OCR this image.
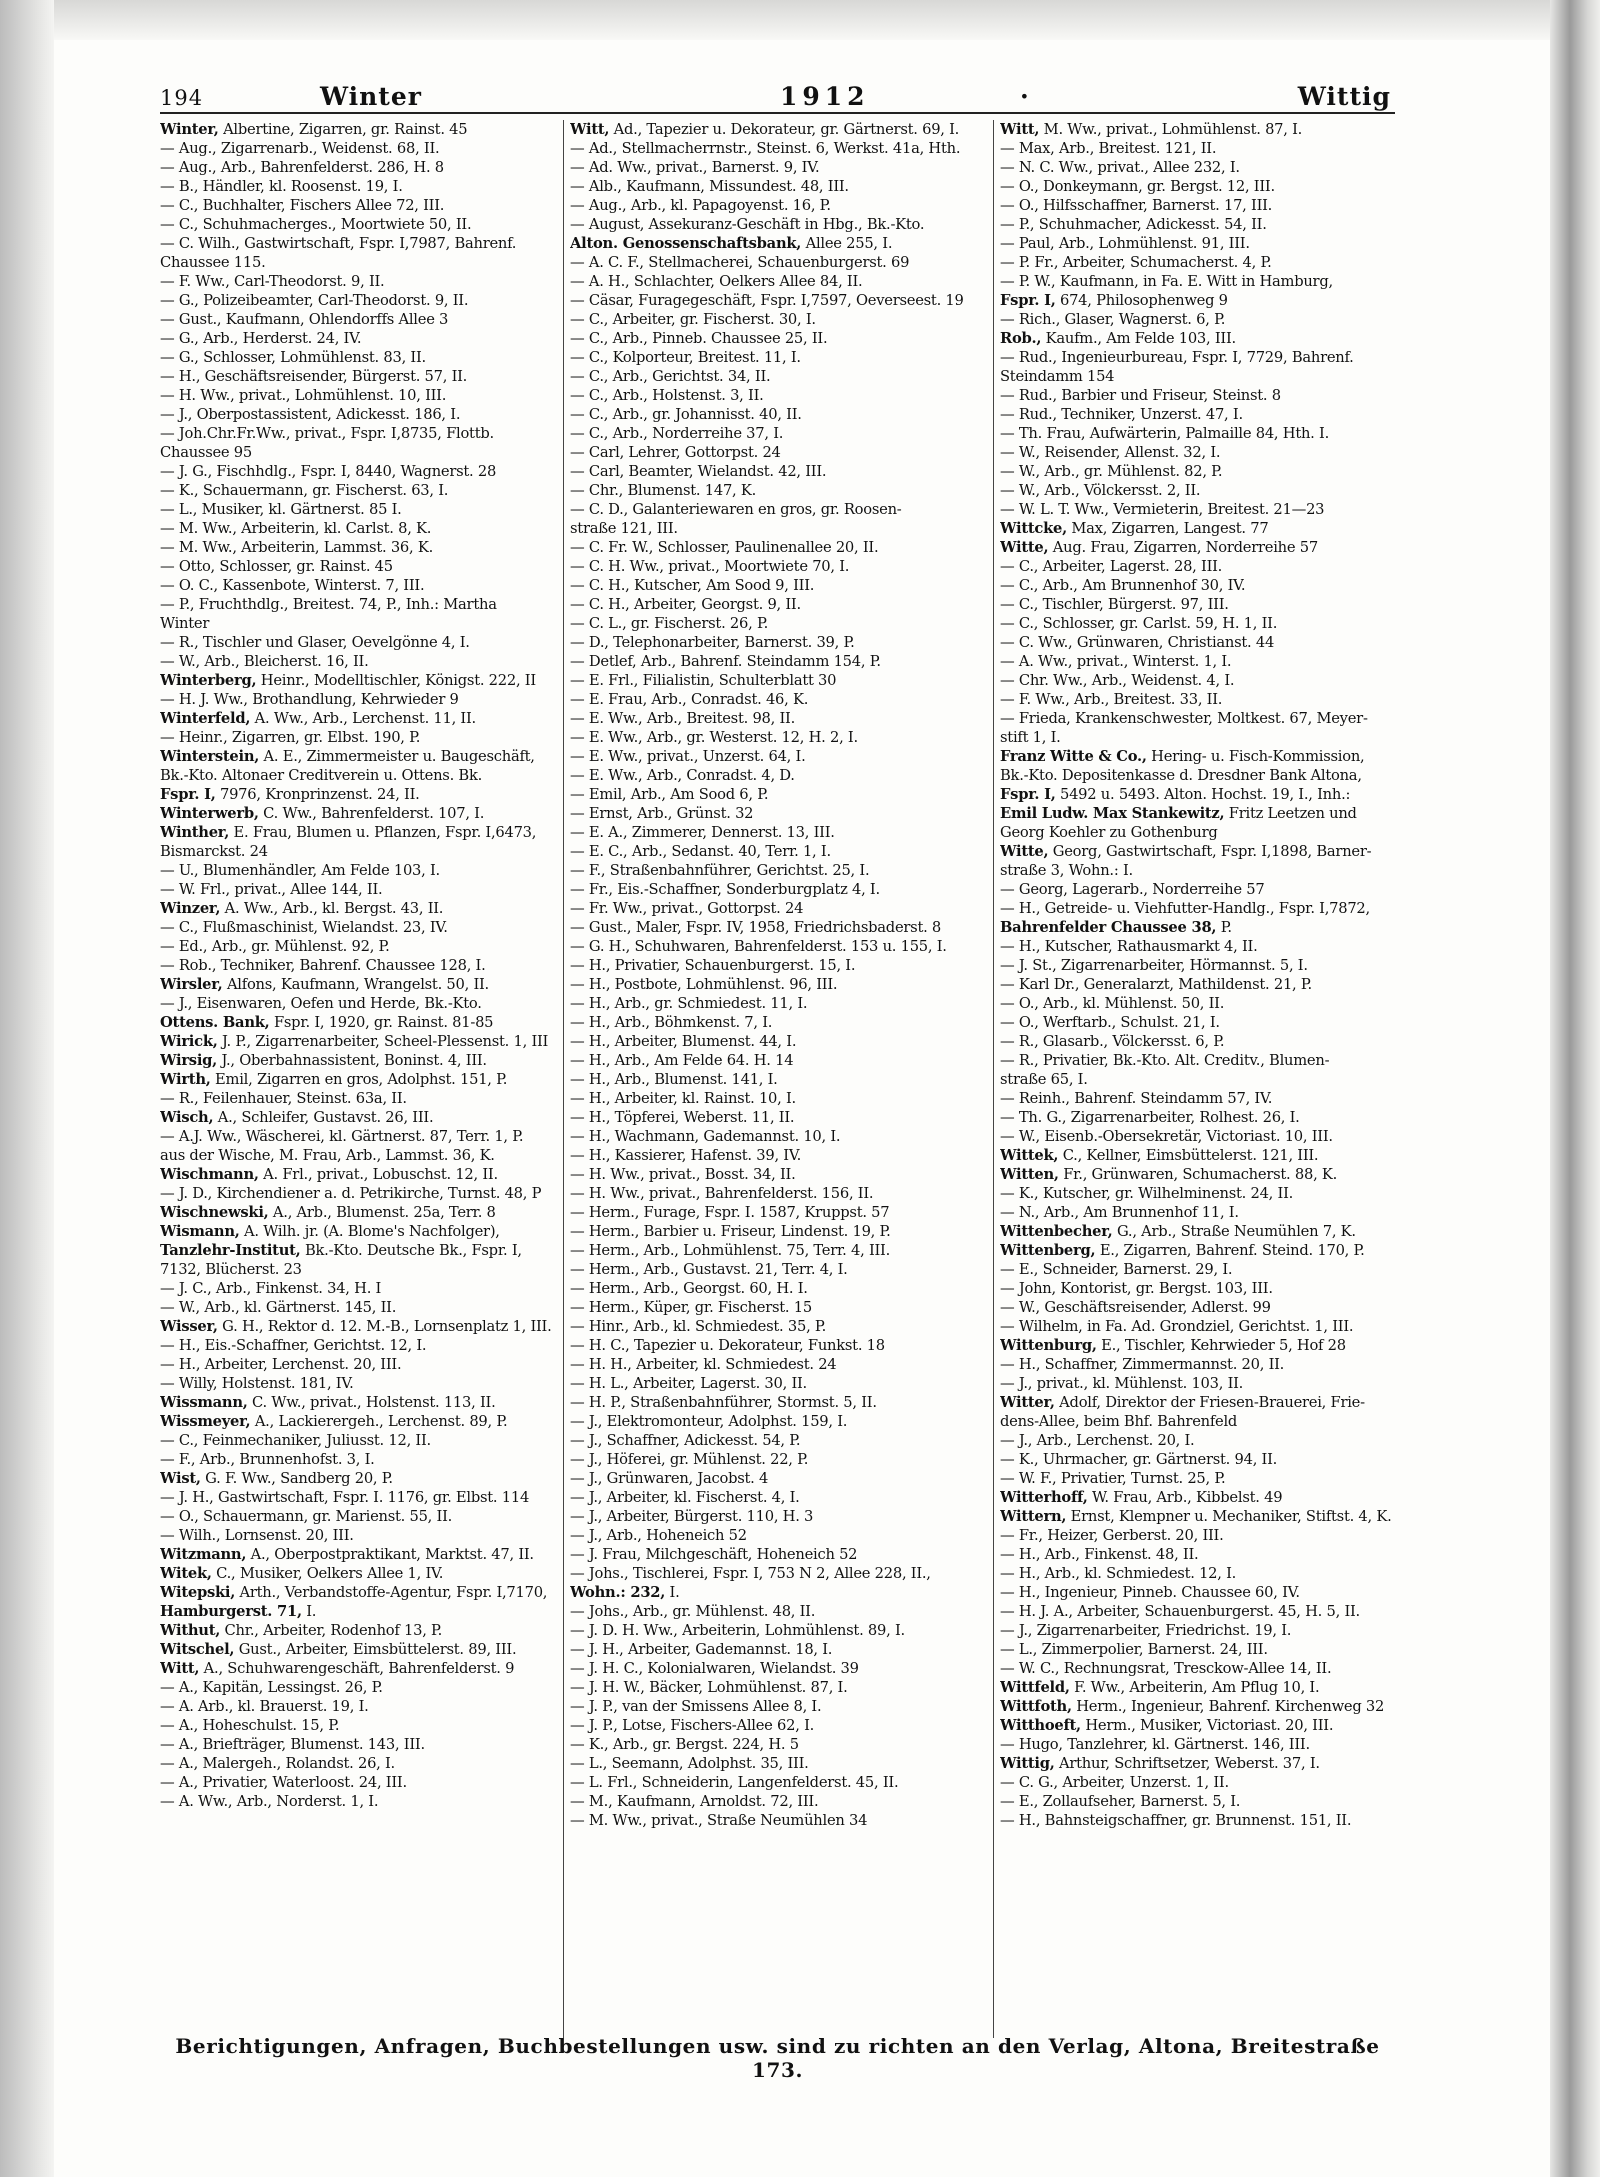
194	Winter	1912	·	Wittig

Winter, Albertine, Zigarren, gr. Rainst. 45

— Aug., Zigarrenarb., Weidenst. 68, II.

— Aug., Arb., Bahrenfelderst. 286, H. 8

— B., Händler, kl. Roosenst. 19, I.

— C., Buchhalter, Fischers Allee 72, III.

— C., Schuhmacherges., Moortwiete 50, II.

— C. Wilh., Gastwirtschaft, Fspr. I,7987, Bahrenf.

Chaussee 115.

— F. Ww., Carl-Theodorst. 9, II.

— G., Polizeibeamter, Carl-Theodorst. 9, II.

— Gust., Kaufmann, Ohlendorffs Allee 3

— G., Arb., Herderst. 24, IV.

— G., Schlosser, Lohmühlenst. 83, II.

— H., Geschäftsreisender, Bürgerst. 57, II.

— H. Ww., privat., Lohmühlenst. 10, III.

— J., Oberpostassistent, Adickesst. 186, I.

— Joh.Chr.Fr.Ww., privat., Fspr. I,8735, Flottb.

Chaussee 95

— J. G., Fischhdlg., Fspr. I, 8440, Wagnerst. 28

— K., Schauermann, gr. Fischerst. 63, I.

— L., Musiker, kl. Gärtnerst. 85 I.

— M. Ww., Arbeiterin, kl. Carlst. 8, K.

— M. Ww., Arbeiterin, Lammst. 36, K.

— Otto, Schlosser, gr. Rainst. 45

— O. C., Kassenbote, Winterst. 7, III.

— P., Fruchthdlg., Breitest. 74, P., Inh.: Martha

Winter

— R., Tischler und Glaser, Oevelgönne 4, I.

— W., Arb., Bleicherst. 16, II.

Winterberg, Heinr., Modelltischler, Königst. 222, II

— H. J. Ww., Brothandlung, Kehrwieder 9

Winterfeld, A. Ww., Arb., Lerchenst. 11, II.

— Heinr., Zigarren, gr. Elbst. 190, P.

Winterstein, A. E., Zimmermeister u. Baugeschäft,

Bk.-Kto. Altonaer Creditverein u. Ottens. Bk.

Fspr. I, 7976, Kronprinzenst. 24, II.

Winterwerb, C. Ww., Bahrenfelderst. 107, I.

Winther, E. Frau, Blumen u. Pflanzen, Fspr. I,6473,

Bismarckst. 24

— U., Blumenhändler, Am Felde 103, I.

— W. Frl., privat., Allee 144, II.

Winzer, A. Ww., Arb., kl. Bergst. 43, II.

— C., Flußmaschinist, Wielandst. 23, IV.

— Ed., Arb., gr. Mühlenst. 92, P.

— Rob., Techniker, Bahrenf. Chaussee 128, I.

Wirsler, Alfons, Kaufmann, Wrangelst. 50, II.

— J., Eisenwaren, Oefen und Herde, Bk.-Kto.

Ottens. Bank, Fspr. I, 1920, gr. Rainst. 81-85

Wirick, J. P., Zigarrenarbeiter, Scheel-Plessenst. 1, III

Wirsig, J., Oberbahnassistent, Boninst. 4, III.

Wirth, Emil, Zigarren en gros, Adolphst. 151, P.

— R., Feilenhauer, Steinst. 63a, II.

Wisch, A., Schleifer, Gustavst. 26, III.

— A.J. Ww., Wäscherei, kl. Gärtnerst. 87, Terr. 1, P.

aus der Wische, M. Frau, Arb., Lammst. 36, K.

Wischmann, A. Frl., privat., Lobuschst. 12, II.

— J. D., Kirchendiener a. d. Petrikirche, Turnst. 48, P

Wischnewski, A., Arb., Blumenst. 25a, Terr. 8

Wismann, A. Wilh. jr. (A. Blome's Nachfolger),

Tanzlehr-Institut, Bk.-Kto. Deutsche Bk., Fspr. I,

7132, Blücherst. 23

— J. C., Arb., Finkenst. 34, H. I

— W., Arb., kl. Gärtnerst. 145, II.

Wisser, G. H., Rektor d. 12. M.-B., Lornsenplatz 1, III.

— H., Eis.-Schaffner, Gerichtst. 12, I.

— H., Arbeiter, Lerchenst. 20, III.

— Willy, Holstenst. 181, IV.

Wissmann, C. Ww., privat., Holstenst. 113, II.

Wissmeyer, A., Lackierergeh., Lerchenst. 89, P.

— C., Feinmechaniker, Juliusst. 12, II.

— F., Arb., Brunnenhofst. 3, I.

Wist, G. F. Ww., Sandberg 20, P.

— J. H., Gastwirtschaft, Fspr. I. 1176, gr. Elbst. 114

— O., Schauermann, gr. Marienst. 55, II.

— Wilh., Lornsenst. 20, III.

Witzmann, A., Oberpostpraktikant, Marktst. 47, II.

Witek, C., Musiker, Oelkers Allee 1, IV.

Witepski, Arth., Verbandstoffe-Agentur, Fspr. I,7170,

Hamburgerst. 71, I.

Withut, Chr., Arbeiter, Rodenhof 13, P.

Witschel, Gust., Arbeiter, Eimsbüttelerst. 89, III.

Witt, A., Schuhwarengeschäft, Bahrenfelderst. 9

— A., Kapitän, Lessingst. 26, P.

— A. Arb., kl. Brauerst. 19, I.

— A., Hoheschulst. 15, P.

— A., Briefträger, Blumenst. 143, III.

— A., Malergeh., Rolandst. 26, I.

— A., Privatier, Waterloost. 24, III.

— A. Ww., Arb., Norderst. 1, I.

Witt, Ad., Tapezier u. Dekorateur, gr. Gärtnerst. 69, I.

— Ad., Stellmacherrnstr., Steinst. 6, Werkst. 41a, Hth.

— Ad. Ww., privat., Barnerst. 9, IV.

— Alb., Kaufmann, Missundest. 48, III.

— Aug., Arb., kl. Papagoyenst. 16, P.

— August, Assekuranz-Geschäft in Hbg., Bk.-Kto.

Alton. Genossenschaftsbank, Allee 255, I.

— A. C. F., Stellmacherei, Schauenburgerst. 69

— A. H., Schlachter, Oelkers Allee 84, II.

— Cäsar, Furagegeschäft, Fspr. I,7597, Oeverseest. 19

— C., Arbeiter, gr. Fischerst. 30, I.

— C., Arb., Pinneb. Chaussee 25, II.

— C., Kolporteur, Breitest. 11, I.

— C., Arb., Gerichtst. 34, II.

— C., Arb., Holstenst. 3, II.

— C., Arb., gr. Johannisst. 40, II.

— C., Arb., Norderreihe 37, I.

— Carl, Lehrer, Gottorpst. 24

— Carl, Beamter, Wielandst. 42, III.

— Chr., Blumenst. 147, K.

— C. D., Galanteriewaren en gros, gr. Roosen-

straße 121, III.

— C. Fr. W., Schlosser, Paulinenallee 20, II.

— C. H. Ww., privat., Moortwiete 70, I.

— C. H., Kutscher, Am Sood 9, III.

— C. H., Arbeiter, Georgst. 9, II.

— C. L., gr. Fischerst. 26, P.

— D., Telephonarbeiter, Barnerst. 39, P.

— Detlef, Arb., Bahrenf. Steindamm 154, P.

— E. Frl., Filialistin, Schulterblatt 30

— E. Frau, Arb., Conradst. 46, K.

— E. Ww., Arb., Breitest. 98, II.

— E. Ww., Arb., gr. Westerst. 12, H. 2, I.

— E. Ww., privat., Unzerst. 64, I.

— E. Ww., Arb., Conradst. 4, D.

— Emil, Arb., Am Sood 6, P.

— Ernst, Arb., Grünst. 32

— E. A., Zimmerer, Dennerst. 13, III.

— E. C., Arb., Sedanst. 40, Terr. 1, I.

— F., Straßenbahnführer, Gerichtst. 25, I.

— Fr., Eis.-Schaffner, Sonderburgplatz 4, I.

— Fr. Ww., privat., Gottorpst. 24

— Gust., Maler, Fspr. IV, 1958, Friedrichsbaderst. 8

— G. H., Schuhwaren, Bahrenfelderst. 153 u. 155, I.

— H., Privatier, Schauenburgerst. 15, I.

— H., Postbote, Lohmühlenst. 96, III.

— H., Arb., gr. Schmiedest. 11, I.

— H., Arb., Böhmkenst. 7, I.

— H., Arbeiter, Blumenst. 44, I.

— H., Arb., Am Felde 64. H. 14

— H., Arb., Blumenst. 141, I.

— H., Arbeiter, kl. Rainst. 10, I.

— H., Töpferei, Weberst. 11, II.

— H., Wachmann, Gademannst. 10, I.

— H., Kassierer, Hafenst. 39, IV.

— H. Ww., privat., Bosst. 34, II.

— H. Ww., privat., Bahrenfelderst. 156, II.

— Herm., Furage, Fspr. I. 1587, Kruppst. 57

— Herm., Barbier u. Friseur, Lindenst. 19, P.

— Herm., Arb., Lohmühlenst. 75, Terr. 4, III.

— Herm., Arb., Gustavst. 21, Terr. 4, I.

— Herm., Arb., Georgst. 60, H. I.

— Herm., Küper, gr. Fischerst. 15

— Hinr., Arb., kl. Schmiedest. 35, P.

— H. C., Tapezier u. Dekorateur, Funkst. 18

— H. H., Arbeiter, kl. Schmiedest. 24

— H. L., Arbeiter, Lagerst. 30, II.

— H. P., Straßenbahnführer, Stormst. 5, II.

— J., Elektromonteur, Adolphst. 159, I.

— J., Schaffner, Adickesst. 54, P.

— J., Höferei, gr. Mühlenst. 22, P.

— J., Grünwaren, Jacobst. 4

— J., Arbeiter, kl. Fischerst. 4, I.

— J., Arbeiter, Bürgerst. 110, H. 3

— J., Arb., Hoheneich 52

— J. Frau, Milchgeschäft, Hoheneich 52

— Johs., Tischlerei, Fspr. I, 753 N 2, Allee 228, II.,

Wohn.: 232, I.

— Johs., Arb., gr. Mühlenst. 48, II.

— J. D. H. Ww., Arbeiterin, Lohmühlenst. 89, I.

— J. H., Arbeiter, Gademannst. 18, I.

— J. H. C., Kolonialwaren, Wielandst. 39

— J. H. W., Bäcker, Lohmühlenst. 87, I.

— J. P., van der Smissens Allee 8, I.

— J. P., Lotse, Fischers-Allee 62, I.

— K., Arb., gr. Bergst. 224, H. 5

— L., Seemann, Adolphst. 35, III.

— L. Frl., Schneiderin, Langenfelderst. 45, II.

— M., Kaufmann, Arnoldst. 72, III.

— M. Ww., privat., Straße Neumühlen 34

Witt, M. Ww., privat., Lohmühlenst. 87, I.

— Max, Arb., Breitest. 121, II.

— N. C. Ww., privat., Allee 232, I.

— O., Donkeymann, gr. Bergst. 12, III.

— O., Hilfsschaffner, Barnerst. 17, III.

— P., Schuhmacher, Adickesst. 54, II.

— Paul, Arb., Lohmühlenst. 91, III.

— P. Fr., Arbeiter, Schumacherst. 4, P.

— P. W., Kaufmann, in Fa. E. Witt in Hamburg,

Fspr. I, 674, Philosophenweg 9

— Rich., Glaser, Wagnerst. 6, P.

Rob., Kaufm., Am Felde 103, III.

— Rud., Ingenieurbureau, Fspr. I, 7729, Bahrenf.

Steindamm 154

— Rud., Barbier und Friseur, Steinst. 8

— Rud., Techniker, Unzerst. 47, I.

— Th. Frau, Aufwärterin, Palmaille 84, Hth. I.

— W., Reisender, Allenst. 32, I.

— W., Arb., gr. Mühlenst. 82, P.

— W., Arb., Völckersst. 2, II.

— W. L. T. Ww., Vermieterin, Breitest. 21—23

Wittcke, Max, Zigarren, Langest. 77

Witte, Aug. Frau, Zigarren, Norderreihe 57

— C., Arbeiter, Lagerst. 28, III.

— C., Arb., Am Brunnenhof 30, IV.

— C., Tischler, Bürgerst. 97, III.

— C., Schlosser, gr. Carlst. 59, H. 1, II.

— C. Ww., Grünwaren, Christianst. 44

— A. Ww., privat., Winterst. 1, I.

— Chr. Ww., Arb., Weidenst. 4, I.

— F. Ww., Arb., Breitest. 33, II.

— Frieda, Krankenschwester, Moltkest. 67, Meyer-

stift 1, I.

Franz Witte & Co., Hering- u. Fisch-Kommission,

Bk.-Kto. Depositenkasse d. Dresdner Bank Altona,

Fspr. I, 5492 u. 5493. Alton. Hochst. 19, I., Inh.:

Emil Ludw. Max Stankewitz, Fritz Leetzen und

Georg Koehler zu Gothenburg

Witte, Georg, Gastwirtschaft, Fspr. I,1898, Barner-

straße 3, Wohn.: I.

— Georg, Lagerarb., Norderreihe 57

— H., Getreide- u. Viehfutter-Handlg., Fspr. I,7872,

Bahrenfelder Chaussee 38, P.

— H., Kutscher, Rathausmarkt 4, II.

— J. St., Zigarrenarbeiter, Hörmannst. 5, I.

— Karl Dr., Generalarzt, Mathildenst. 21, P.

— O., Arb., kl. Mühlenst. 50, II.

— O., Werftarb., Schulst. 21, I.

— R., Glasarb., Völckersst. 6, P.

— R., Privatier, Bk.-Kto. Alt. Creditv., Blumen-

straße 65, I.

— Reinh., Bahrenf. Steindamm 57, IV.

— Th. G., Zigarrenarbeiter, Rolhest. 26, I.

— W., Eisenb.-Obersekretär, Victoriast. 10, III.

Wittek, C., Kellner, Eimsbüttelerst. 121, III.

Witten, Fr., Grünwaren, Schumacherst. 88, K.

— K., Kutscher, gr. Wilhelminenst. 24, II.

— N., Arb., Am Brunnenhof 11, I.

Wittenbecher, G., Arb., Straße Neumühlen 7, K.

Wittenberg, E., Zigarren, Bahrenf. Steind. 170, P.

— E., Schneider, Barnerst. 29, I.

— John, Kontorist, gr. Bergst. 103, III.

— W., Geschäftsreisender, Adlerst. 99

— Wilhelm, in Fa. Ad. Grondziel, Gerichtst. 1, III.

Wittenburg, E., Tischler, Kehrwieder 5, Hof 28

— H., Schaffner, Zimmermannst. 20, II.

— J., privat., kl. Mühlenst. 103, II.

Witter, Adolf, Direktor der Friesen-Brauerei, Frie-

dens-Allee, beim Bhf. Bahrenfeld

— J., Arb., Lerchenst. 20, I.

— K., Uhrmacher, gr. Gärtnerst. 94, II.

— W. F., Privatier, Turnst. 25, P.

Witterhoff, W. Frau, Arb., Kibbelst. 49

Wittern, Ernst, Klempner u. Mechaniker, Stiftst. 4, K.

— Fr., Heizer, Gerberst. 20, III.

— H., Arb., Finkenst. 48, II.

— H., Arb., kl. Schmiedest. 12, I.

— H., Ingenieur, Pinneb. Chaussee 60, IV.

— H. J. A., Arbeiter, Schauenburgerst. 45, H. 5, II.

— J., Zigarrenarbeiter, Friedrichst. 19, I.

— L., Zimmerpolier, Barnerst. 24, III.

— W. C., Rechnungsrat, Tresckow-Allee 14, II.

Wittfeld, F. Ww., Arbeiterin, Am Pflug 10, I.

Wittfoth, Herm., Ingenieur, Bahrenf. Kirchenweg 32

Witthoeft, Herm., Musiker, Victoriast. 20, III.

— Hugo, Tanzlehrer, kl. Gärtnerst. 146, III.

Wittig, Arthur, Schriftsetzer, Weberst. 37, I.

— C. G., Arbeiter, Unzerst. 1, II.

— E., Zollaufseher, Barnerst. 5, I.

— H., Bahnsteigschaffner, gr. Brunnenst. 151, II.

Berichtigungen, Anfragen, Buchbestellungen usw. sind zu richten an den Verlag, Altona, Breitestraße 173.
